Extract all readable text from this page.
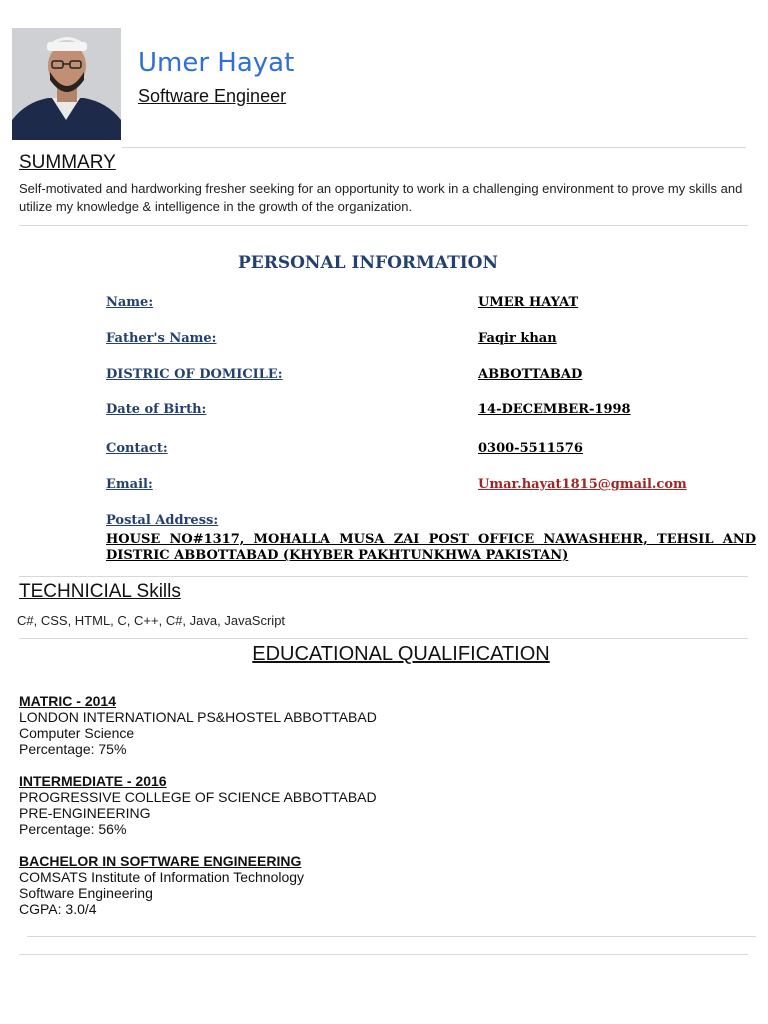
Umer Hayat
Software Engineer
SUMMARY
Self-motivated and hardworking fresher seeking for an opportunity to work in a challenging environment to prove my skills and utilize my knowledge & intelligence in the growth of the organization.
PERSONAL INFORMATION
Name:	UMER HAYAT
Father's Name:	Faqir khan
DISTRIC OF DOMICILE:	ABBOTTABAD
Date of Birth:	14-DECEMBER-1998
Contact:	0300-5511576
Email:	Umar.hayat1815@gmail.com
Postal Address:
HOUSE NO#1317, MOHALLA MUSA ZAI POST OFFICE NAWASHEHR, TEHSIL AND DISTRIC ABBOTTABAD (KHYBER PAKHTUNKHWA PAKISTAN)
TECHNICIAL Skills
C#, CSS, HTML, C, C++, C#, Java, JavaScript
EDUCATIONAL QUALIFICATION
MATRIC - 2014
LONDON INTERNATIONAL PS&HOSTEL ABBOTTABAD
Computer Science
Percentage: 75%
INTERMEDIATE - 2016
PROGRESSIVE COLLEGE OF SCIENCE ABBOTTABAD
PRE-ENGINEERING
Percentage: 56%
BACHELOR IN SOFTWARE ENGINEERING
COMSATS Institute of Information Technology
Software Engineering
CGPA: 3.0/4
